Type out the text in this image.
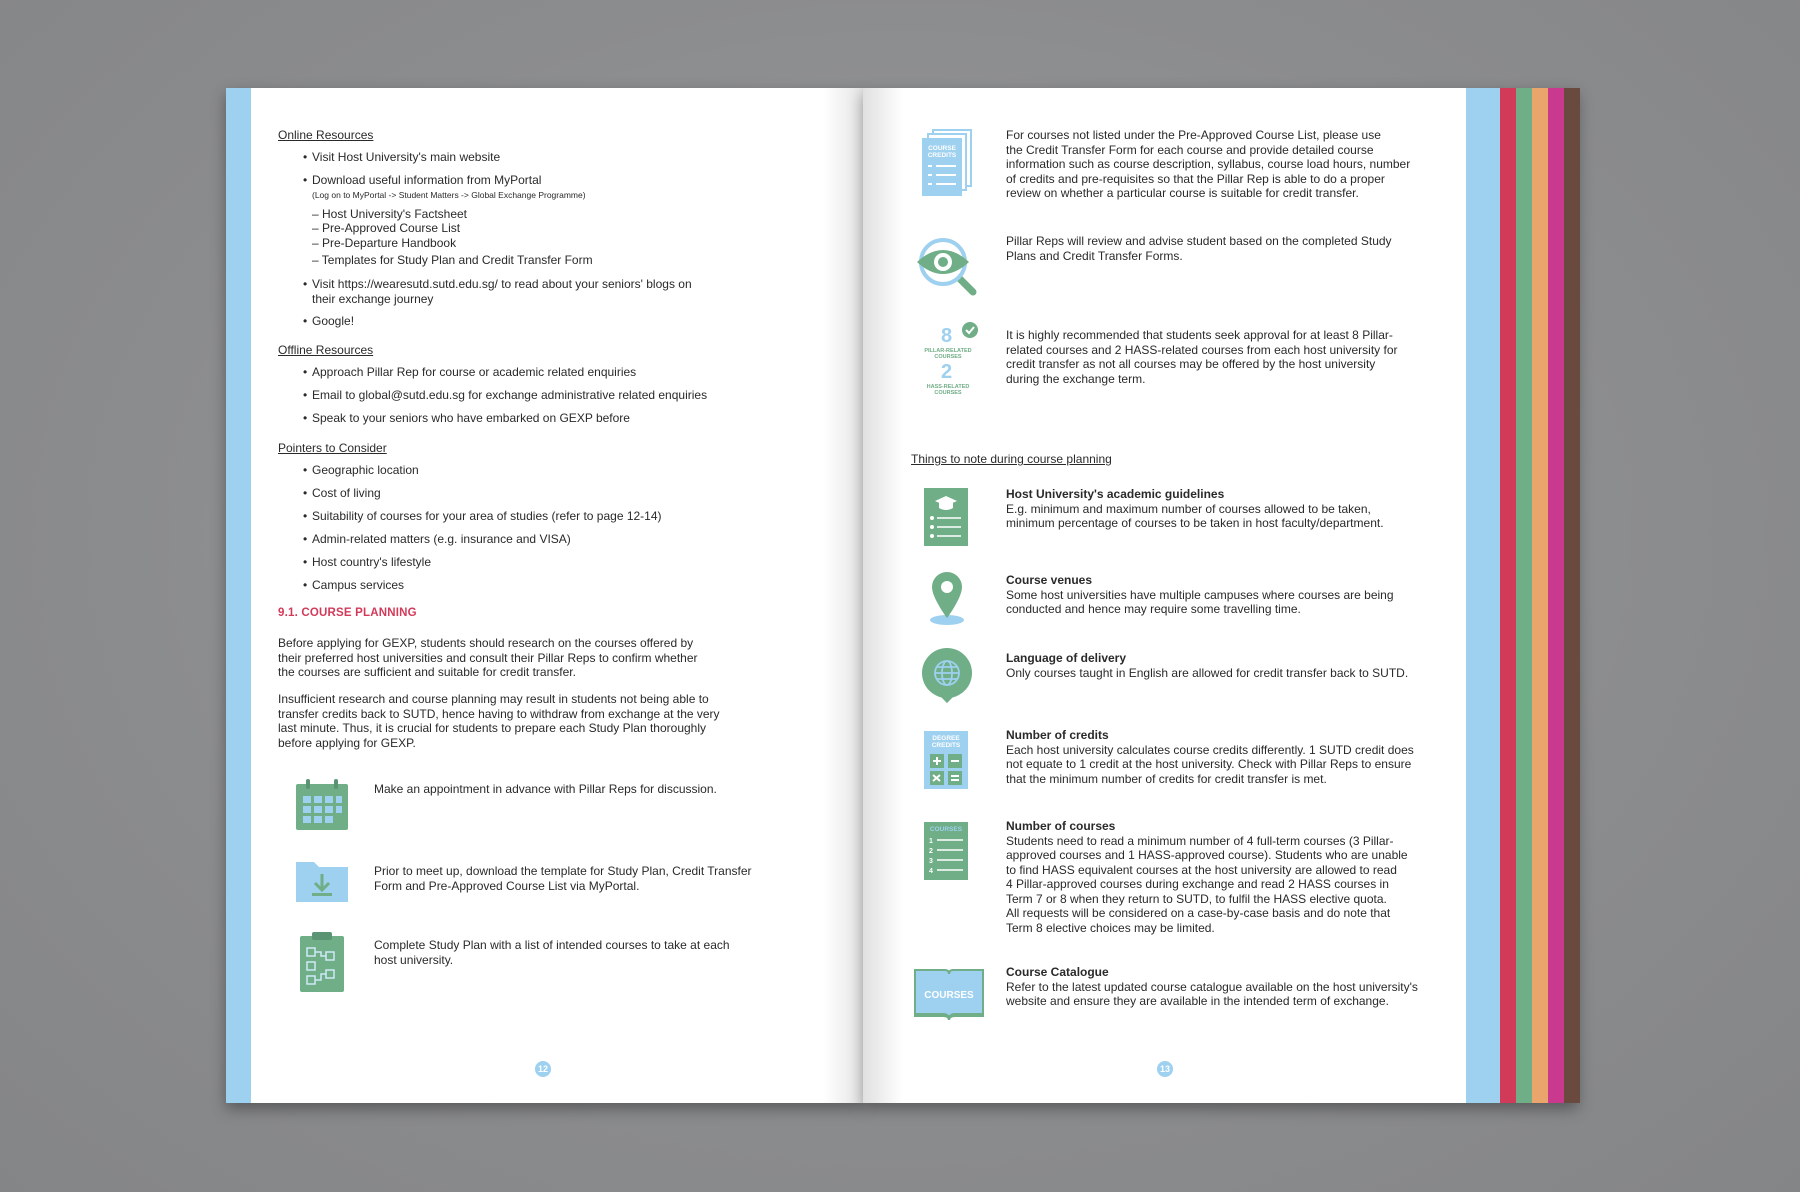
Online Resources
• Visit Host University's main website
• Download useful information from MyPortal
(Log on to MyPortal -> Student Matters -> Global Exchange Programme)
– Host University's Factsheet
– Pre-Approved Course List
– Pre-Departure Handbook
– Templates for Study Plan and Credit Transfer Form
• Visit https://wearesutd.sutd.edu.sg/ to read about your seniors' blogs on
their exchange journey
• Google!
Offline Resources
• Approach Pillar Rep for course or academic related enquiries
• Email to global@sutd.edu.sg for exchange administrative related enquiries
• Speak to your seniors who have embarked on GEXP before
Pointers to Consider
• Geographic location
• Cost of living
• Suitability of courses for your area of studies (refer to page 12-14)
• Admin-related matters (e.g. insurance and VISA)
• Host country's lifestyle
• Campus services
9.1. COURSE PLANNING
Before applying for GEXP, students should research on the courses offered by
their preferred host universities and consult their Pillar Reps to confirm whether
the courses are sufficient and suitable for credit transfer.
Insufficient research and course planning may result in students not being able to
transfer credits back to SUTD, hence having to withdraw from exchange at the very
last minute. Thus, it is crucial for students to prepare each Study Plan thoroughly
before applying for GEXP.
Make an appointment in advance with Pillar Reps for discussion.
Prior to meet up, download the template for Study Plan, Credit Transfer
Form and Pre-Approved Course List via MyPortal.
Complete Study Plan with a list of intended courses to take at each
host university.
12
COURSE
CREDITS
For courses not listed under the Pre-Approved Course List, please use
the Credit Transfer Form for each course and provide detailed course
information such as course description, syllabus, course load hours, number
of credits and pre-requisites so that the Pillar Rep is able to do a proper
review on whether a particular course is suitable for credit transfer.
Pillar Reps will review and advise student based on the completed Study
Plans and Credit Transfer Forms.
8
PILLAR-RELATED
COURSES
2
HASS-RELATED
COURSES
It is highly recommended that students seek approval for at least 8 Pillar-
related courses and 2 HASS-related courses from each host university for
credit transfer as not all courses may be offered by the host university
during the exchange term.
Things to note during course planning
Host University's academic guidelines
E.g. minimum and maximum number of courses allowed to be taken,
minimum percentage of courses to be taken in host faculty/department.
Course venues
Some host universities have multiple campuses where courses are being
conducted and hence may require some travelling time.
Language of delivery
Only courses taught in English are allowed for credit transfer back to SUTD.
DEGREE
CREDITS
Number of credits
Each host university calculates course credits differently. 1 SUTD credit does
not equate to 1 credit at the host university. Check with Pillar Reps to ensure
that the minimum number of credits for credit transfer is met.
COURSES
1
2
3
4
Number of courses
Students need to read a minimum number of 4 full-term courses (3 Pillar-
approved courses and 1 HASS-approved course). Students who are unable
to find HASS equivalent courses at the host university are allowed to read
4 Pillar-approved courses during exchange and read 2 HASS courses in
Term 7 or 8 when they return to SUTD, to fulfil the HASS elective quota.
All requests will be considered on a case-by-case basis and do note that
Term 8 elective choices may be limited.
COURSES
Course Catalogue
Refer to the latest updated course catalogue available on the host university's
website and ensure they are available in the intended term of exchange.
13
